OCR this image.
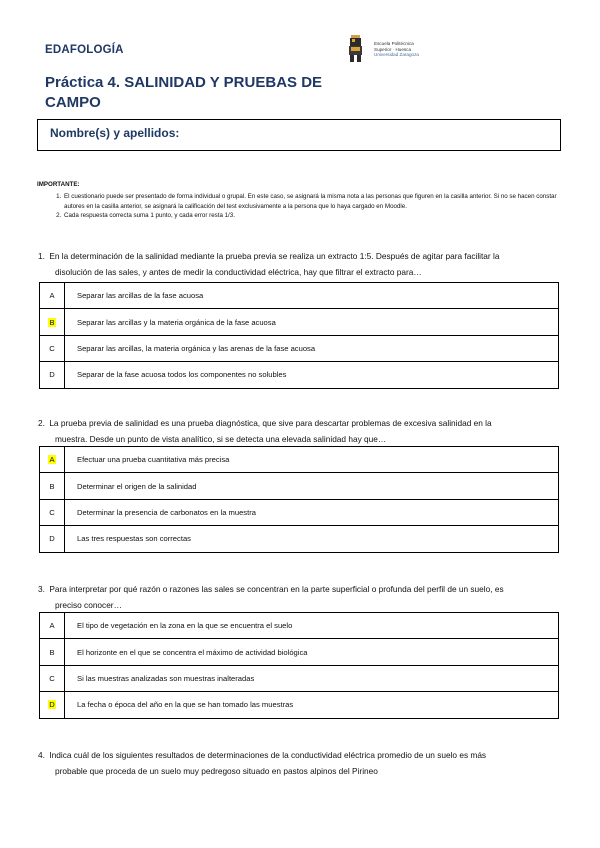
EDAFOLOGÍA
Escuela Politécnica
Superior · Huesca
Universidad Zaragoza
Práctica 4. SALINIDAD Y PRUEBAS DE CAMPO
Nombre(s) y apellidos:
IMPORTANTE:
1. El cuestionario puede ser presentado de forma individual o grupal. En este caso, se asignará la misma nota a las personas que figuren en la casilla anterior. Si no se hacen constar autores en la casilla anterior, se asignará la calificación del test exclusivamente a la persona que lo haya cargado en Moodle.
2. Cada respuesta correcta suma 1 punto, y cada error resta 1/3.
1. En la determinación de la salinidad mediante la prueba previa se realiza un extracto 1:5. Después de agitar para facilitar la
disolución de las sales, y antes de medir la conductividad eléctrica, hay que filtrar el extracto para…
A	Separar las arcillas de la fase acuosa
B	Separar las arcillas y la materia orgánica de la fase acuosa
C	Separar las arcillas, la materia orgánica y las arenas de la fase acuosa
D	Separar de la fase acuosa todos los componentes no solubles
2. La prueba previa de salinidad es una prueba diagnóstica, que sive para descartar problemas de excesiva salinidad en la
muestra. Desde un punto de vista analítico, si se detecta una elevada salinidad hay que…
A	Efectuar una prueba cuantitativa más precisa
B	Determinar el origen de la salinidad
C	Determinar la presencia de carbonatos en la muestra
D	Las tres respuestas son correctas
3. Para interpretar por qué razón o razones las sales se concentran en la parte superficial o profunda del perfil de un suelo, es
preciso conocer…
A	El tipo de vegetación en la zona en la que se encuentra el suelo
B	El horizonte en el que se concentra el máximo de actividad biológica
C	Si las muestras analizadas son muestras inalteradas
D	La fecha o época del año en la que se han tomado las muestras
4. Indica cuál de los siguientes resultados de determinaciones de la conductividad eléctrica promedio de un suelo es más
probable que proceda de un suelo muy pedregoso situado en pastos alpinos del Pirineo
